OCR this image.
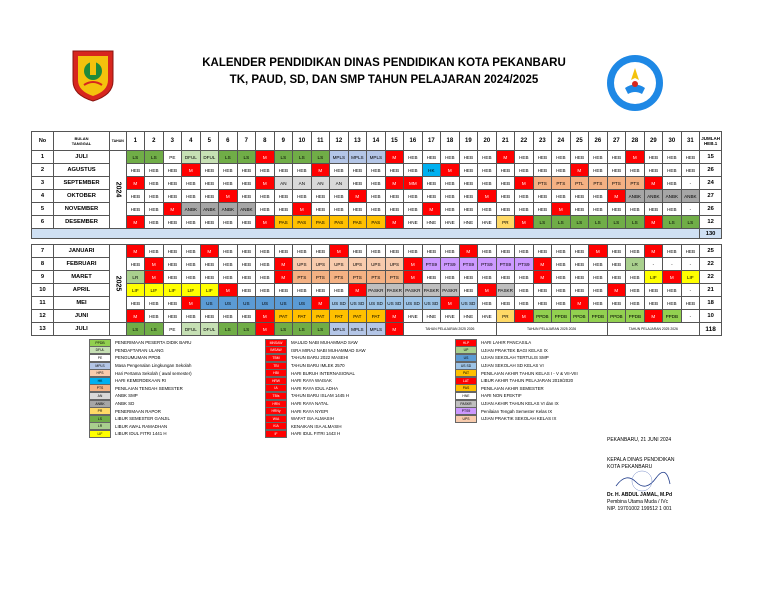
KALENDER PENDIDIKAN DINAS PENDIDIKAN KOTA PEKANBARU
TK, PAUD, SD, DAN SMP TAHUN PELAJARAN 2024/2025
No	BULAN
TANGGAL	TAHUN	1	2	3	4	5	6	7	8	9	10	11	12	13	14	15	16	17	18	19	20	21	22	23	24	25	26	27	28	29	30	31	JUMLAH HEB.1
1	JULI	2024	LS	LS	PE	DFUL	DFUL	LS	LS	M	LS	LS	LS	MPLS	MPLS	MPLS	M	HEB	HEB	HEB	HEB	HEB	M	HEB	HEB	HEB	HEB	HEB	HEB	M	HEB	HEB	HEB	15
2	AGUSTUS		HEB	HEB	HEB	M	HEB	HEB	HEB	HEB	HEB	HEB	M	HEB	HEB	HEB	HEB	HEB	HK	M	HEB	HEB	HEB	HEB	HEB	HEB	M	HEB	HEB	HEB	HEB	HEB	HEB	26
3	SEPTEMBER		M	HEB	HEB	HEB	HEB	HEB	HEB	M	AN	AN	AN	AN	HEB	HEB	M	MM	HEB	HEB	HEB	HEB	HEB	M	PTS	PTS	PTL	PTS	PTS	PTS	M	HEB	-	24
4	OKTOBER		HEB	HEB	HEB	HEB	HEB	M	HEB	HEB	HEB	HEB	HEB	HEB	M	HEB	HEB	HEB	HEB	HEB	HEB	M	HEB	HEB	HEB	HEB	HEB	HEB	M	ANBK	ANBK	ANBK	ANBK	27
5	NOVEMBER		HEB	HEB	M	ANBK	ANBK	ANBK	ANBK	HEB	HEB	M	HEB	HEB	HEB	HEB	HEB	HEB	M	HEB	HEB	HEB	HEB	HEB	HEB	M	HEB	HEB	HEB	HEB	HEB	HEB	-	26
6	DESEMBER		M	HEB	HEB	HEB	HEB	HEB	HEB	M	PAS	PAS	PAS	PAS	PAS	PAS	M	HNE	HNE	HNE	HNE	HNE	PR	M	LS	LS	LS	LS	LS	LS	M	LS	LS	12
																																		130

7	JANUARI	2025	M	HEB	HEB	HEB	M	HEB	HEB	HEB	HEB	HEB	HEB	M	HEB	HEB	HEB	HEB	HEB	HEB	M	HEB	HEB	HEB	HEB	HEB	HEB	M	HEB	HEB	M	HEB	HEB	25
8	FEBRUARI		HEB	M	HEB	HEB	HEB	HEB	HEB	HEB	M	UPS	UPS	UPS	UPS	UPS	UPS	M	PTS9	PTS9	PTS9	PTS9	PTS9	PTS9	M	HEB	HEB	HEB	HEB	LR	-	-	-	22
9	MARET		LR	M	HEB	HEB	HEB	HEB	HEB	HEB	M	PTS	PTS	PTS	PTS	PTS	PTS	M	HEB	HEB	HEB	HEB	HEB	HEB	M	HEB	HEB	HEB	HEB	HEB	LIF	M	LIF	22
10	APRIL		LIF	LIF	LIF	LIF	LIF	M	HEB	HEB	HEB	HEB	HEB	HEB	M	PASKR	PASKR	PASKR	PASKR	PASKR	HEB	M	PASKR	HEB	HEB	HEB	HEB	HEB	M	HEB	HEB	HEB	-	21
11	MEI		HEB	HEB	HEB	M	US	US	US	US	US	US	M	US SD	US SD	US SD	US SD	US SD	US SD	M	US SD	HEB	HEB	HEB	HEB	HEB	M	HEB	HEB	HEB	HEB	HEB	HEB	18
12	JUNI		M	HEB	HEB	HEB	HEB	HEB	HEB	M	PAT	PAT	PAT	PAT	PAT	PAT	M	HNE	HNE	HNE	HNE	HNE	PR	M	PPDB	PPDB	PPDB	PPDB	PPDB	PPDB	M	PPDB	-	10
13	JULI		LS	LS	PE	DFUL	DFUL	LS	LS	M	LS	LS	LS	MPLS	MPLS	MPLS	M	TAHUN PELAJARAN 2025 2026					TAHUN PELAJARAN 2025 2026						TAHUN PELAJARAN 2025 2026					118
PPDB	PENERIMAAN PESERTA DIDIK BARU
DFUL	PENDAFTARAN ULANG
PE	PENGUMUMAN PPDB
MPLS	Masa Pengenalan Lingkungan Sekolah
HPS	Hari Pertama Sekolah ( awal semester)
HK	HARI KEMERDEKAAN RI
PTS	PENILAIAN TENGAH SEMESTER
AN	ANBK SMP
ANBK	ANBK SD
PR	PENERIMAAN RAPOR
LS	LIBUR SEMESTER GANJIL
LR	LIBUR AWAL RAMADHAN
LIF	LIBUR IDUL FITRI 1441 H
MNSAW	MAULID NABI MUHAMMAD SAW
IMSAW	ISRA MIRAJ NABI MUHAMMAD SAW
TBM	TAHUN BARU 2022 MASEHI
TBI	TAHUN BARU IMLEK 2570
HBI	HARI BURUH INTERNASIONAL
HRW	HARI RAYA WAISAK
IA	HARI RAYA IDUL ADHA
TBIs	TAHUN BARU ISLAM 1445 H
HRN	HARI RAYA NATAL
HRNy	HARI RAYA NYEPI
WIA	WAFAT ISA ALMASIH
KIA	KENAIKAN ISA ALMASIH
IF	HARI IDUL FITRI 1443 H
HLP	HARI LAHIR PANCASILA
UP	UJIAN PRAKTEK BAGI KELAS IX
US	UJIAN SEKOLAH TERTULIS SMP
US SD	UJIAN SEKOLAH SD KELAS VI
PAT	PENILAIAN AKHIR TAHUN KELAS I - V & VII-VIII
LAT	LIBUR AKHIR TAHUN PELAJARAN 2019/2020
PAS	PENILAIAN AKHIR SEMESTER
HNE	HARI NON EFEKTIF
PASKR	UJIAN AKHIR TAHUN KELAS VI dan IX
PTS9	Penilaian Tengah Semester Kelas IX
UPS	UJIAN PRAKTIK SEKOLAH KELAS IX
PEKANBARU, 21 JUNI 2024
KEPALA DINAS PENDIDIKAN
KOTA PEKANBARU
Dr. H. ABDUL JAMAL, M.Pd
Pembina Utama Muda / IVc
NIP. 19701002 199512 1 001
